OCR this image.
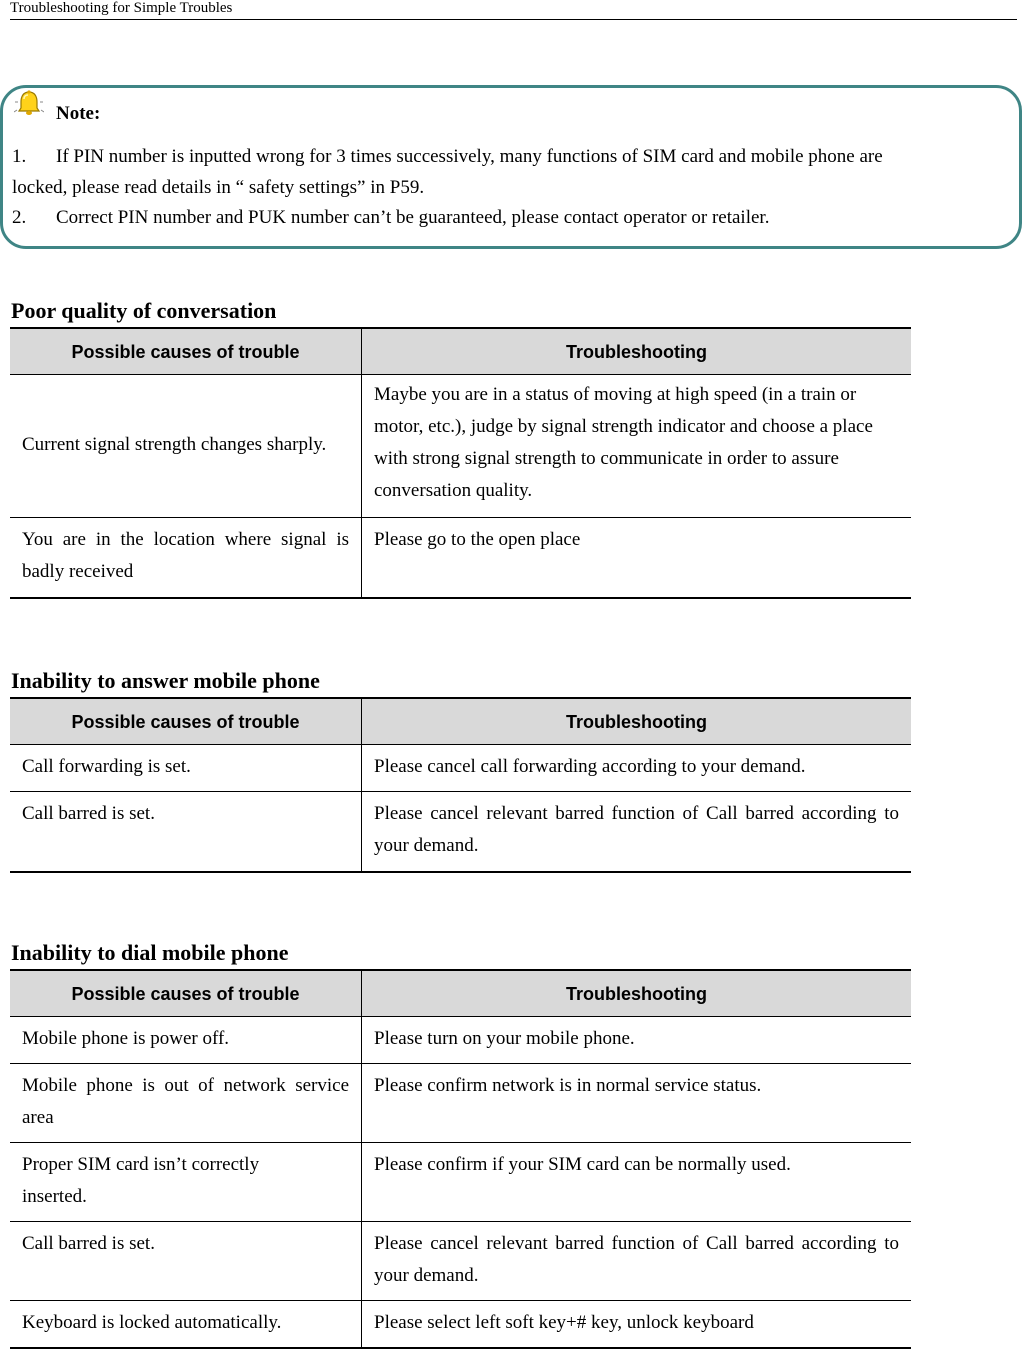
Troubleshooting for Simple Troubles
Note:
1. If PIN number is inputted wrong for 3 times successively, many functions of SIM card and mobile phone are
locked, please read details in “ safety settings” in P59.
2. Correct PIN number and PUK number can’t be guaranteed, please contact operator or retailer.
Poor quality of conversation
Possible causes of trouble	Troubleshooting
Current signal strength changes sharply.	Maybe you are in a status of moving at high speed (in a train or motor, etc.), judge by signal strength indicator and choose a place with strong signal strength to communicate in order to assure conversation quality.
You are in the location where signal is badly received	Please go to the open place
Inability to answer mobile phone
Possible causes of trouble	Troubleshooting
Call forwarding is set.	Please cancel call forwarding according to your demand.
Call barred is set.	Please cancel relevant barred function of Call barred according to your demand.
Inability to dial mobile phone
Possible causes of trouble	Troubleshooting
Mobile phone is power off.	Please turn on your mobile phone.
Mobile phone is out of network service area	Please confirm network is in normal service status.
Proper SIM card isn’t correctly inserted.	Please confirm if your SIM card can be normally used.
Call barred is set.	Please cancel relevant barred function of Call barred according to your demand.
Keyboard is locked automatically.	Please select left soft key+# key, unlock keyboard
